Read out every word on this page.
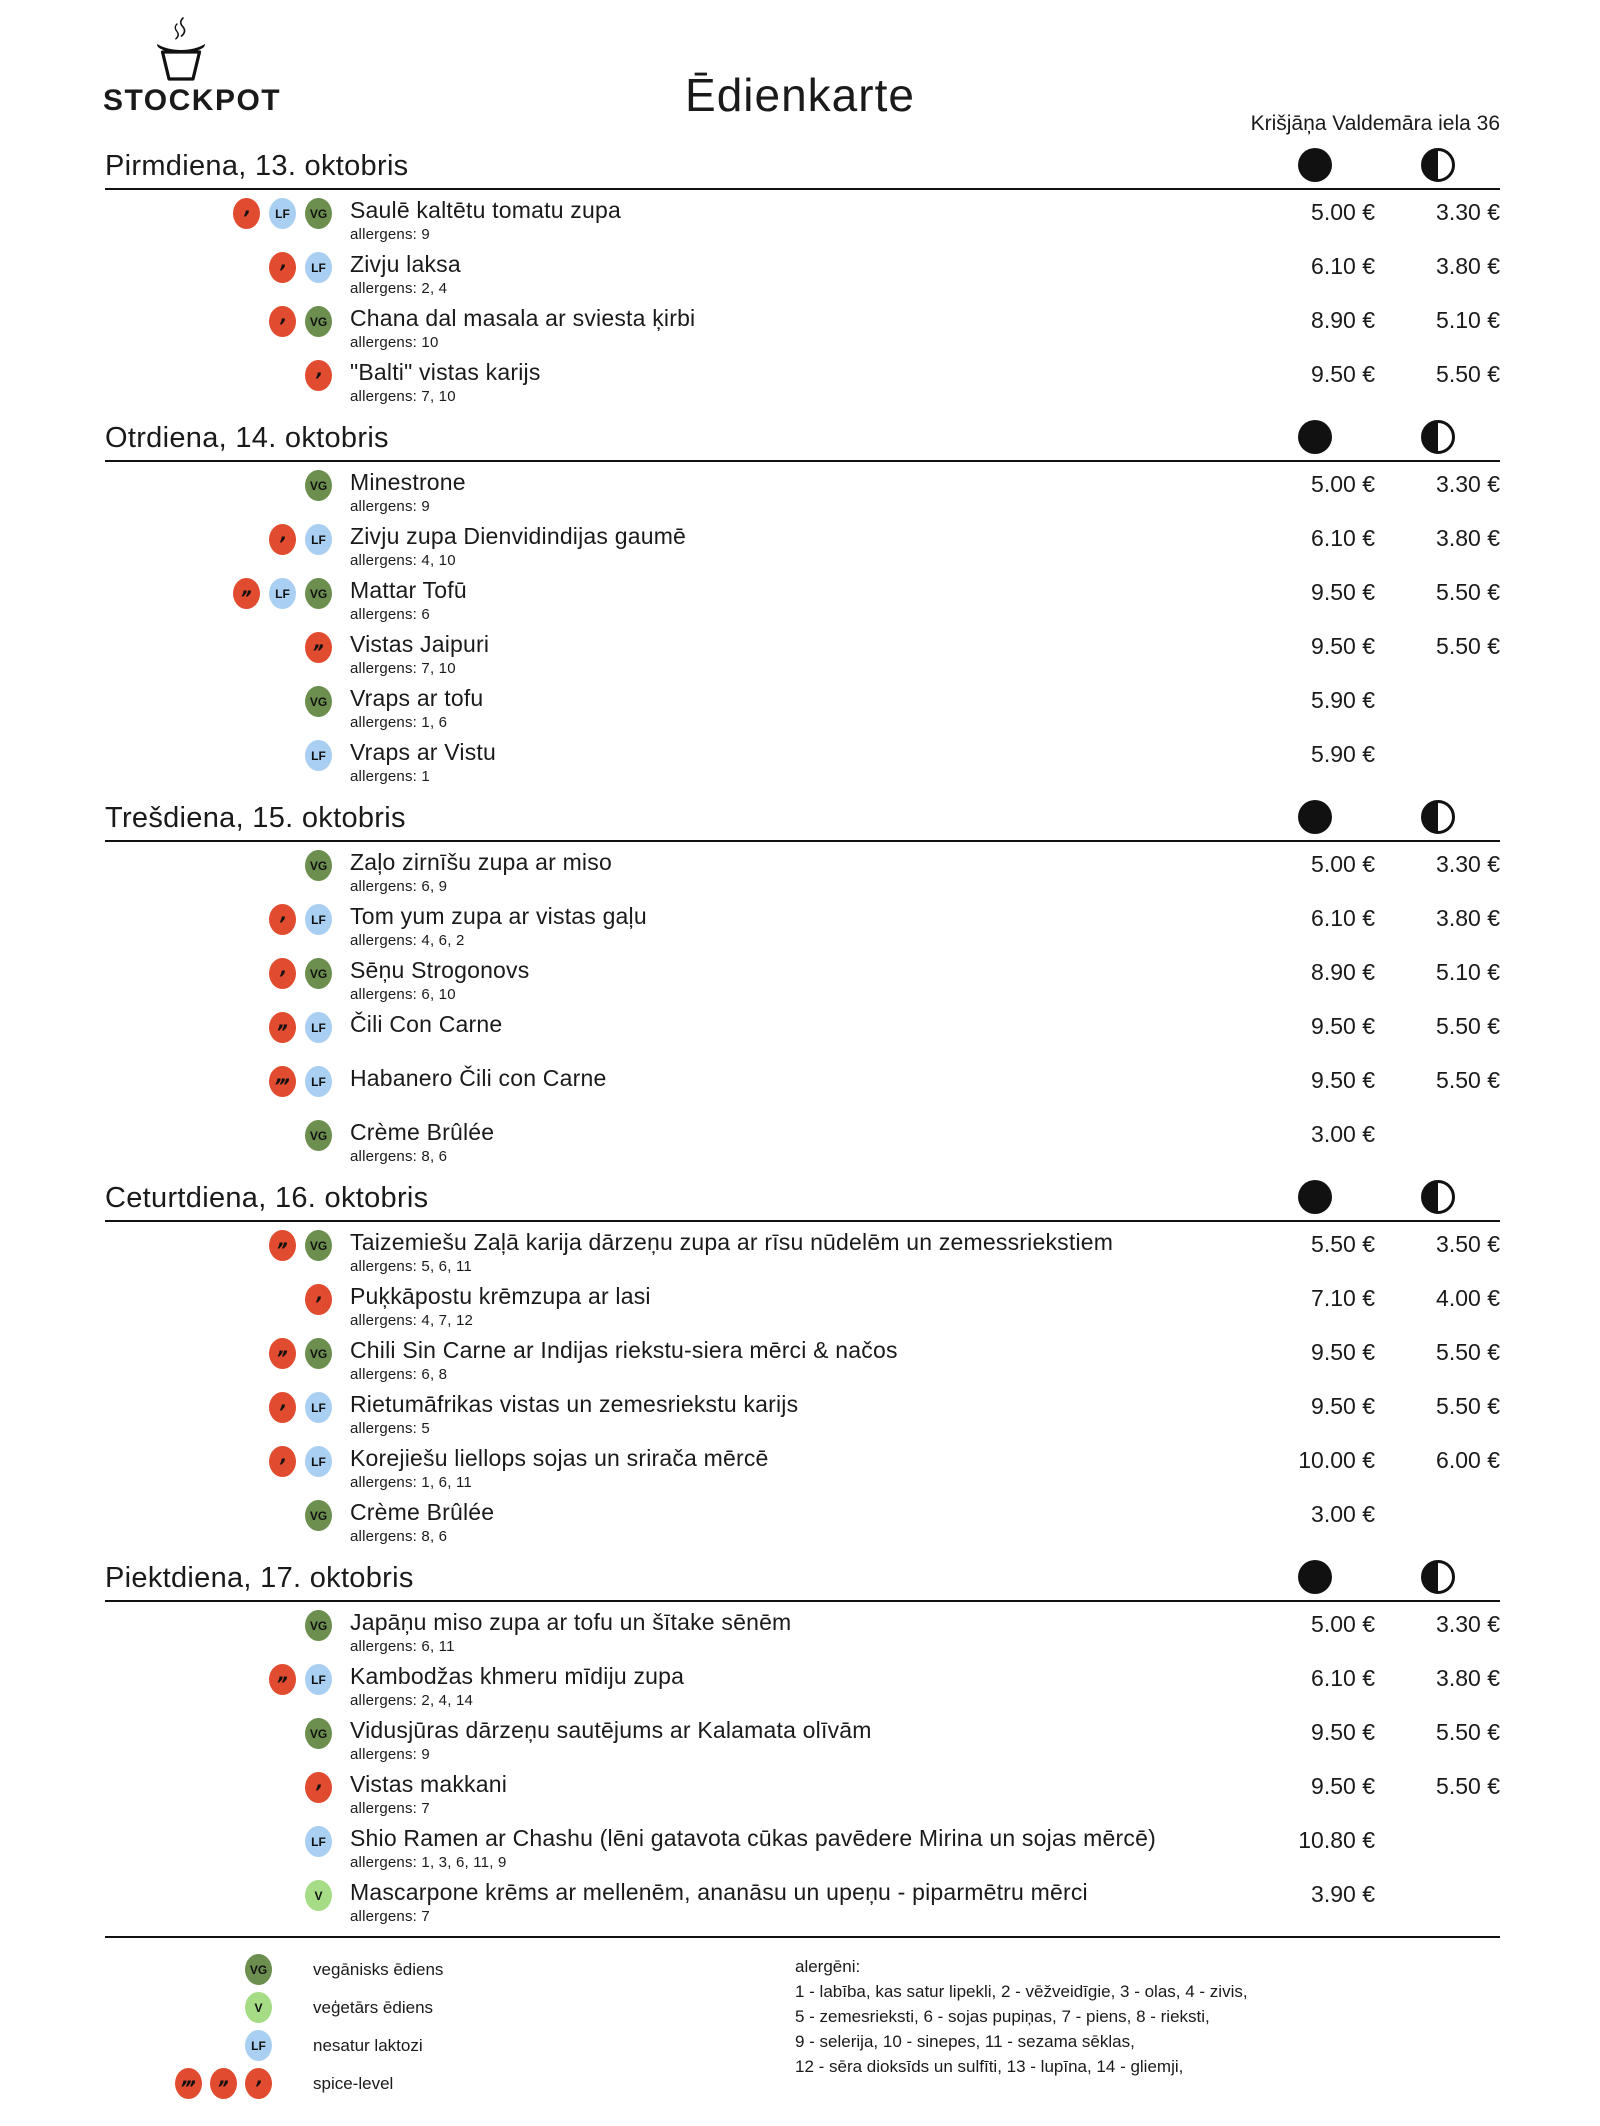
STOCKPOT	Ēdienkarte
Krišjāņa Valdemāra iela 36
Pirmdiena, 13. oktobris
,	LF	VG Saulē kaltētu tomatu zupa
allergens: 9
5.00 €	3.30 €
,	LF Zivju laksa
allergens: 2, 4
6.10 €	3.80 €
,	VG Chana dal masala ar sviesta ķirbi
allergens: 10
8.90 €	5.10 €
, "Balti" vistas karijs
allergens: 7, 10
9.50 €	5.50 €
Otrdiena, 14. oktobris
VG Minestrone
allergens: 9
5.00 €	3.30 €
,	LF Zivju zupa Dienvidindijas gaumē
allergens: 4, 10
6.10 €	3.80 €
,,	LF	VG Mattar Tofū
allergens: 6
9.50 €	5.50 €
,, Vistas Jaipuri
allergens: 7, 10
9.50 €	5.50 €
VG Vraps ar tofu
allergens: 1, 6
5.90 €
LF Vraps ar Vistu
allergens: 1
5.90 €
Trešdiena, 15. oktobris
VG Zaļo zirnīšu zupa ar miso
allergens: 6, 9
5.00 €	3.30 €
,	LF Tom yum zupa ar vistas gaļu
allergens: 4, 6, 2
6.10 €	3.80 €
,	VG Sēņu Strogonovs
allergens: 6, 10
8.90 €	5.10 €
,,	LF Čili Con Carne	9.50 €	5.50 €
,,,	LF Habanero Čili con Carne	9.50 €	5.50 €
VG Crème Brûlée
allergens: 8, 6
3.00 €
Ceturtdiena, 16. oktobris
,,	VG Taizemiešu Zaļā karija dārzeņu zupa ar rīsu nūdelēm un zemessriekstiem
allergens: 5, 6, 11
5.50 €	3.50 €
, Puķkāpostu krēmzupa ar lasi
allergens: 4, 7, 12
7.10 €	4.00 €
,,	VG Chili Sin Carne ar Indijas riekstu-siera mērci & načos
allergens: 6, 8
9.50 €	5.50 €
,	LF Rietumāfrikas vistas un zemesriekstu karijs
allergens: 5
9.50 €	5.50 €
,	LF Korejiešu liellops sojas un srirača mērcē
allergens: 1, 6, 11
10.00 €	6.00 €
VG Crème Brûlée
allergens: 8, 6
3.00 €
Piektdiena, 17. oktobris
VG Japāņu miso zupa ar tofu un šītake sēnēm
allergens: 6, 11
5.00 €	3.30 €
,,	LF Kambodžas khmeru mīdiju zupa
allergens: 2, 4, 14
6.10 €	3.80 €
VG Vidusjūras dārzeņu sautējums ar Kalamata olīvām
allergens: 9
9.50 €	5.50 €
, Vistas makkani
allergens: 7
9.50 €	5.50 €
LF Shio Ramen ar Chashu (lēni gatavota cūkas pavēdere Mirina un sojas mērcē)
allergens: 1, 3, 6, 11, 9
10.80 €
V	Mascarpone krēms ar mellenēm, ananāsu un upeņu - piparmētru mērci
allergens: 7
3.90 €
VG	vegānisks ēdiens
V	veģetārs ēdiens
LF	nesatur laktozi
,,, ,, ,	spice-level
alergēni:
1 - labība, kas satur lipekli, 2 - vēžveidīgie, 3 - olas, 4 - zivis,
5 - zemesrieksti, 6 - sojas pupiņas, 7 - piens, 8 - rieksti,
9 - selerija, 10 - sinepes, 11 - sezama sēklas,
12 - sēra dioksīds un sulfīti, 13 - lupīna, 14 - gliemji,
